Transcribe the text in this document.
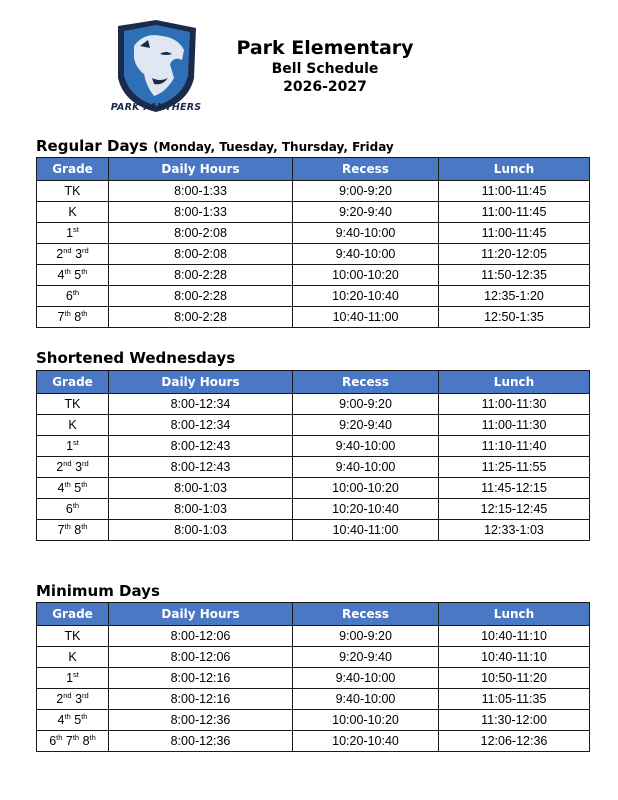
PARK PANTHERS
Park Elementary
Bell Schedule
2026-2027
Regular Days (Monday, Tuesday, Thursday, Friday
Grade	Daily Hours	Recess	Lunch
TK	8:00-1:33	9:00-9:20	11:00-11:45
K	8:00-1:33	9:20-9:40	11:00-11:45
1st	8:00-2:08	9:40-10:00	11:00-11:45
2nd 3rd	8:00-2:08	9:40-10:00	11:20-12:05
4th 5th	8:00-2:28	10:00-10:20	11:50-12:35
6th	8:00-2:28	10:20-10:40	12:35-1:20
7th 8th	8:00-2:28	10:40-11:00	12:50-1:35
Shortened Wednesdays
Grade	Daily Hours	Recess	Lunch
TK	8:00-12:34	9:00-9:20	11:00-11:30
K	8:00-12:34	9:20-9:40	11:00-11:30
1st	8:00-12:43	9:40-10:00	11:10-11:40
2nd 3rd	8:00-12:43	9:40-10:00	11:25-11:55
4th 5th	8:00-1:03	10:00-10:20	11:45-12:15
6th	8:00-1:03	10:20-10:40	12:15-12:45
7th 8th	8:00-1:03	10:40-11:00	12:33-1:03
Minimum Days
Grade	Daily Hours	Recess	Lunch
TK	8:00-12:06	9:00-9:20	10:40-11:10
K	8:00-12:06	9:20-9:40	10:40-11:10
1st	8:00-12:16	9:40-10:00	10:50-11:20
2nd 3rd	8:00-12:16	9:40-10:00	11:05-11:35
4th 5th	8:00-12:36	10:00-10:20	11:30-12:00
6th 7th 8th	8:00-12:36	10:20-10:40	12:06-12:36
